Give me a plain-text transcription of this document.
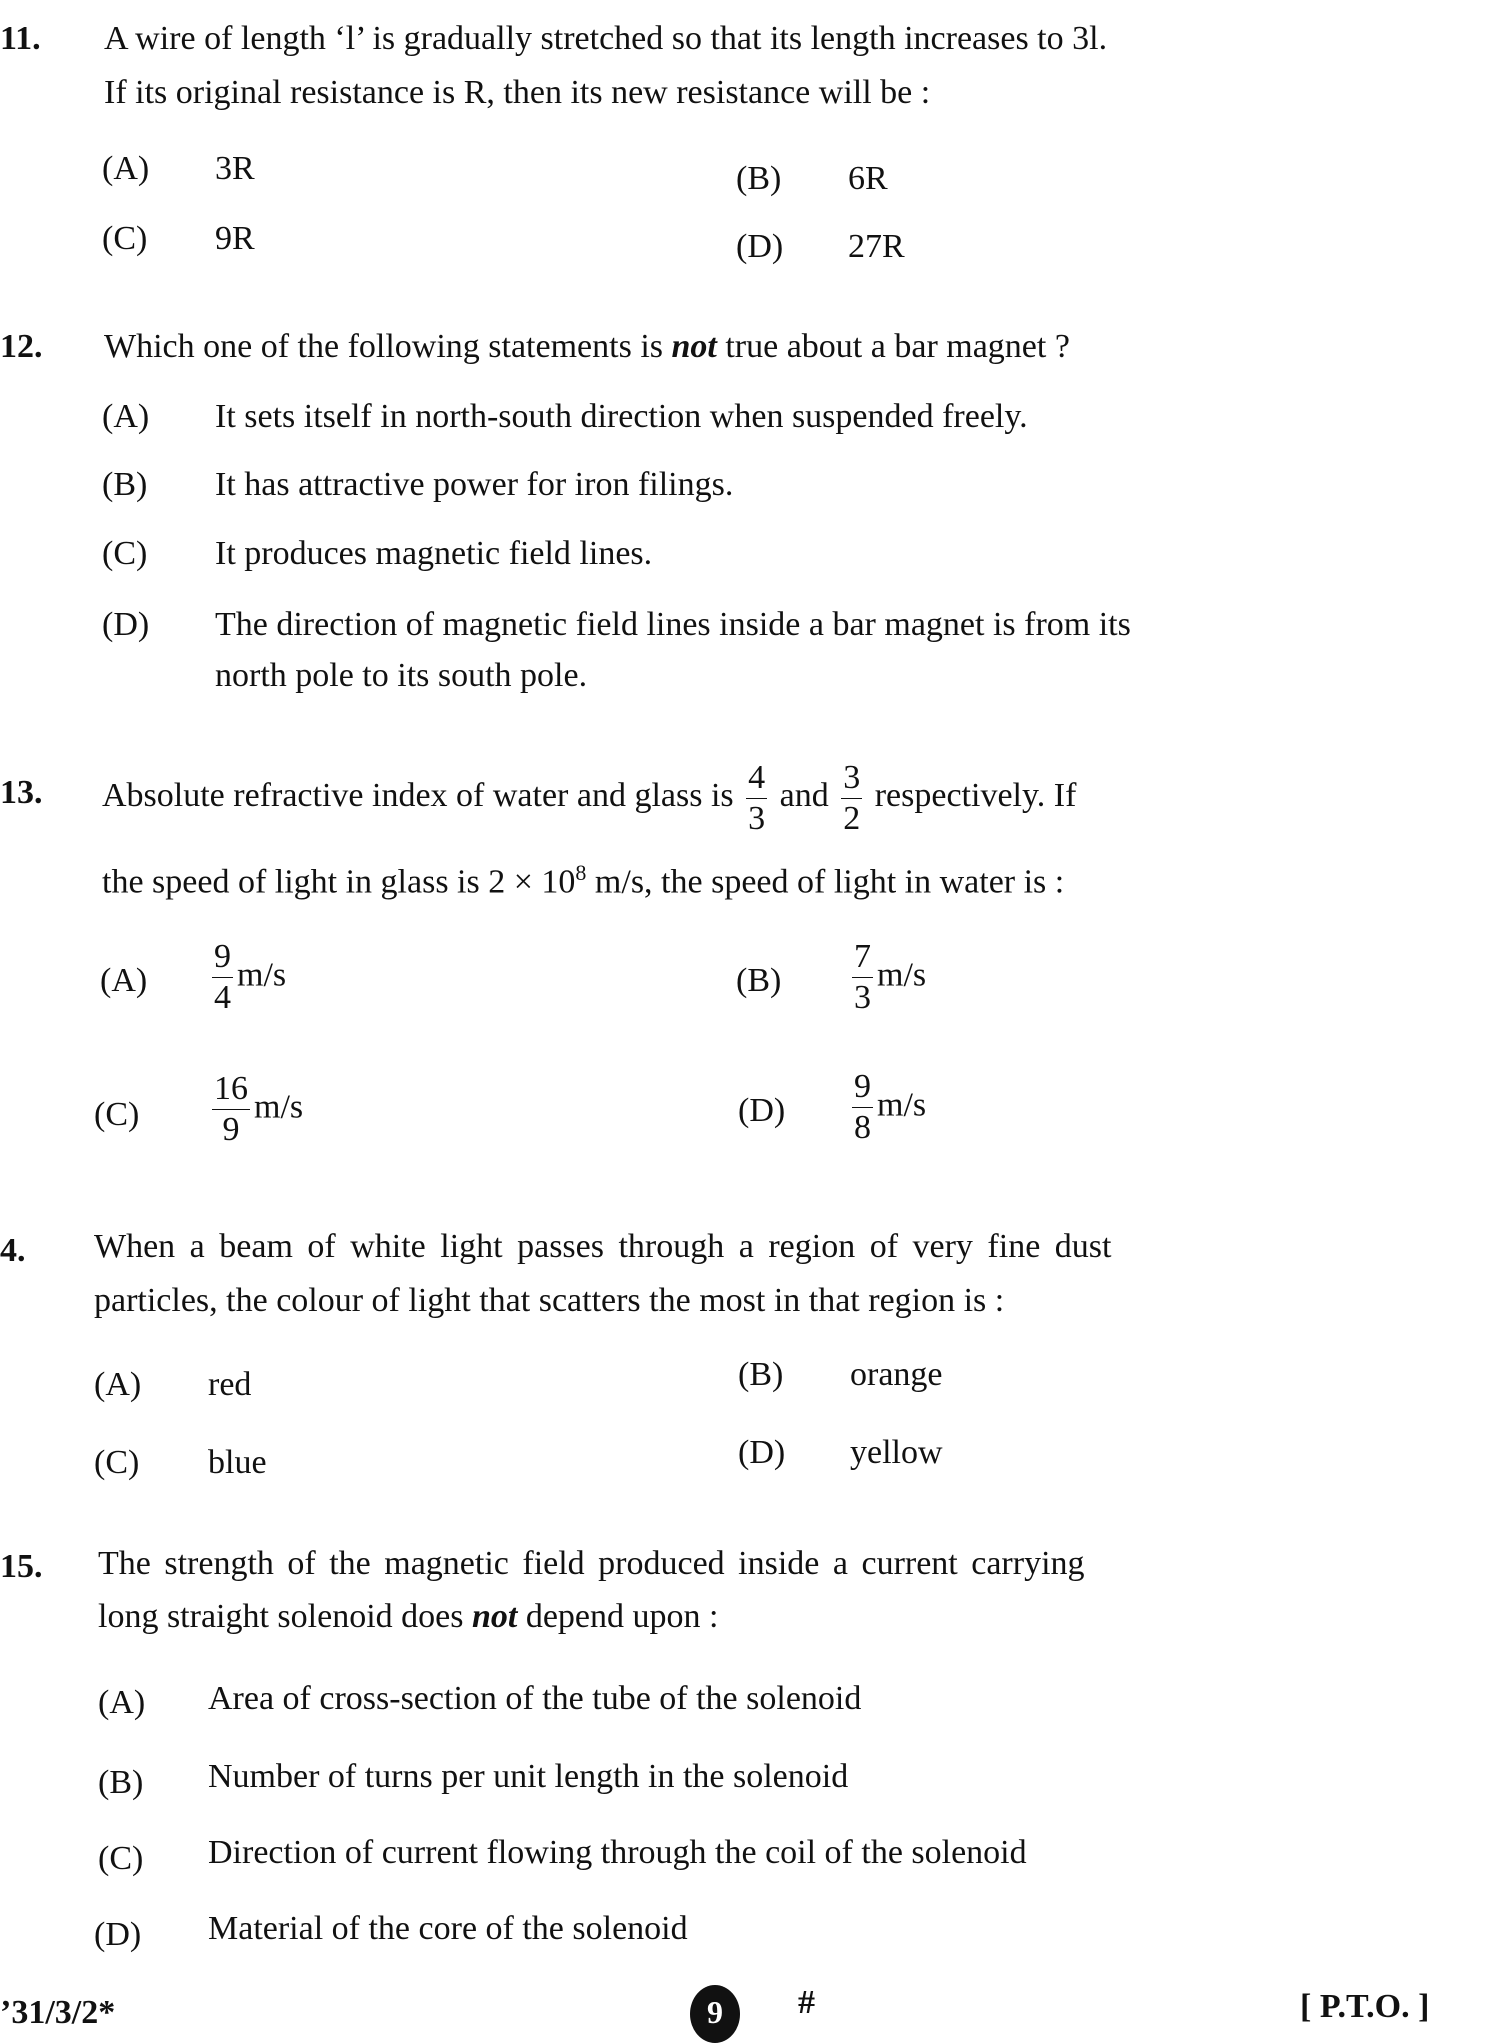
11. A wire of length ‘l’ is gradually stretched so that its length increases to 3l.
If its original resistance is R, then its new resistance will be :
(A) 3R	(B) 6R
(C) 9R	(D) 27R
12. Which one of the following statements is not true about a bar magnet ?
(A) It sets itself in north-south direction when suspended freely.
(B) It has attractive power for iron filings.
(C) It produces magnetic field lines.
(D) The direction of magnetic field lines inside a bar magnet is from its
north pole to its south pole.
13. Absolute refractive index of water and glass is $\frac{4}{3}$ and $\frac{3}{2}$ respectively. If
the speed of light in glass is $2 \times 10^8$ m/s, the speed of light in water is :
$(A) \frac{9}{4} m/s$	$(B) \frac{7}{3} m/s$
$(C) \frac{16}{9} m/s$	$(D) \frac{9}{8} m/s$
4. When a beam of white light passes through a region of very fine dust
particles, the colour of light that scatters the most in that region is :
(A) red	(B) orange
(C) blue	(D) yellow
15. The strength of the magnetic field produced inside a current carrying
long straight solenoid does not depend upon :
(A) Area of cross-section of the tube of the solenoid
(B) Number of turns per unit length in the solenoid
(C) Direction of current flowing through the coil of the solenoid
(D) Material of the core of the solenoid
’31/3/2*	9	#	[ P.T.O. ]
